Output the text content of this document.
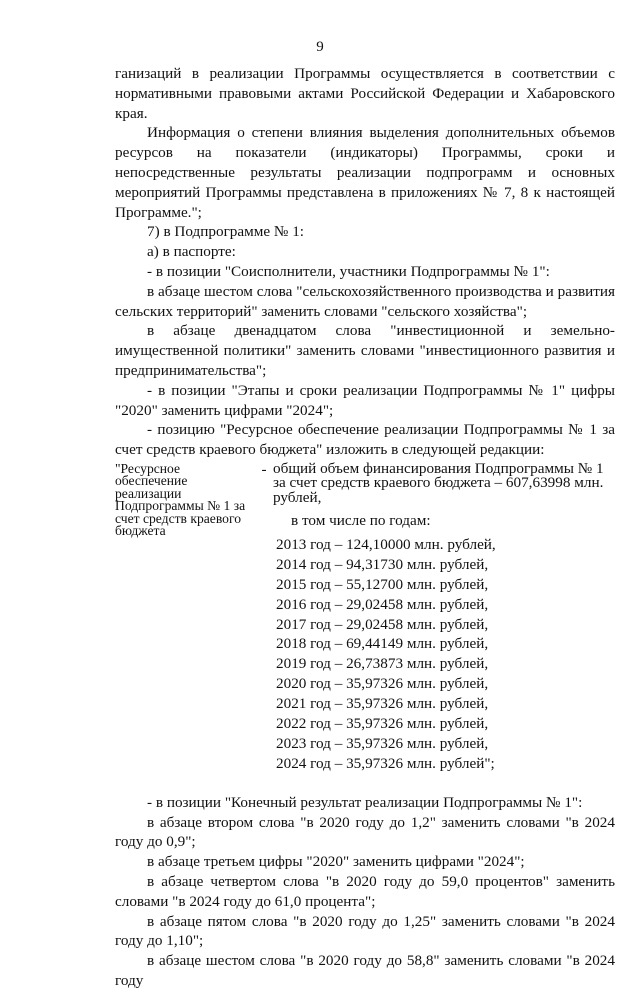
9

ганизаций в реализации Программы осуществляется в соответствии с нормативными правовыми актами Российской Федерации и Хабаровского края.

Информация о степени влияния выделения дополнительных объемов ресурсов на показатели (индикаторы) Программы, сроки и непосредственные результаты реализации подпрограмм и основных мероприятий Программы представлена в приложениях № 7, 8 к настоящей Программе.";

7) в Подпрограмме № 1:

а) в паспорте:

- в позиции "Соисполнители, участники Подпрограммы № 1":

в абзаце шестом слова "сельскохозяйственного производства и развития сельских территорий" заменить словами "сельского хозяйства";

в абзаце двенадцатом слова "инвестиционной и земельно-имущественной политики" заменить словами "инвестиционного развития и предпринимательства";

- в позиции "Этапы и сроки реализации Подпрограммы № 1" цифры "2020" заменить цифрами "2024";

- позицию "Ресурсное обеспечение реализации Подпрограммы № 1 за счет средств краевого бюджета" изложить в следующей редакции:

"Ресурсное обеспечение реализации Подпрограммы № 1 за счет средств краевого бюджета
- общий объем финансирования Подпрограммы № 1 за счет средств краевого бюджета – 607,63998 млн. рублей,

в том числе по годам:

2013 год – 124,10000 млн. рублей,
2014 год – 94,31730 млн. рублей,
2015 год – 55,12700 млн. рублей,
2016 год – 29,02458 млн. рублей,
2017 год – 29,02458 млн. рублей,
2018 год – 69,44149 млн. рублей,
2019 год – 26,73873 млн. рублей,
2020 год – 35,97326 млн. рублей,
2021 год – 35,97326 млн. рублей,
2022 год – 35,97326 млн. рублей,
2023 год – 35,97326 млн. рублей,
2024 год – 35,97326 млн. рублей";

- в позиции "Конечный результат реализации Подпрограммы № 1":

в абзаце втором слова "в 2020 году до 1,2" заменить словами "в 2024 году до 0,9";

в абзаце третьем цифры "2020" заменить цифрами "2024";

в абзаце четвертом слова "в 2020 году до 59,0 процентов" заменить словами "в 2024 году до 61,0 процента";

в абзаце пятом слова "в 2020 году до 1,25" заменить словами "в 2024 году до 1,10";

в абзаце шестом слова "в 2020 году до 58,8" заменить словами "в 2024 году
